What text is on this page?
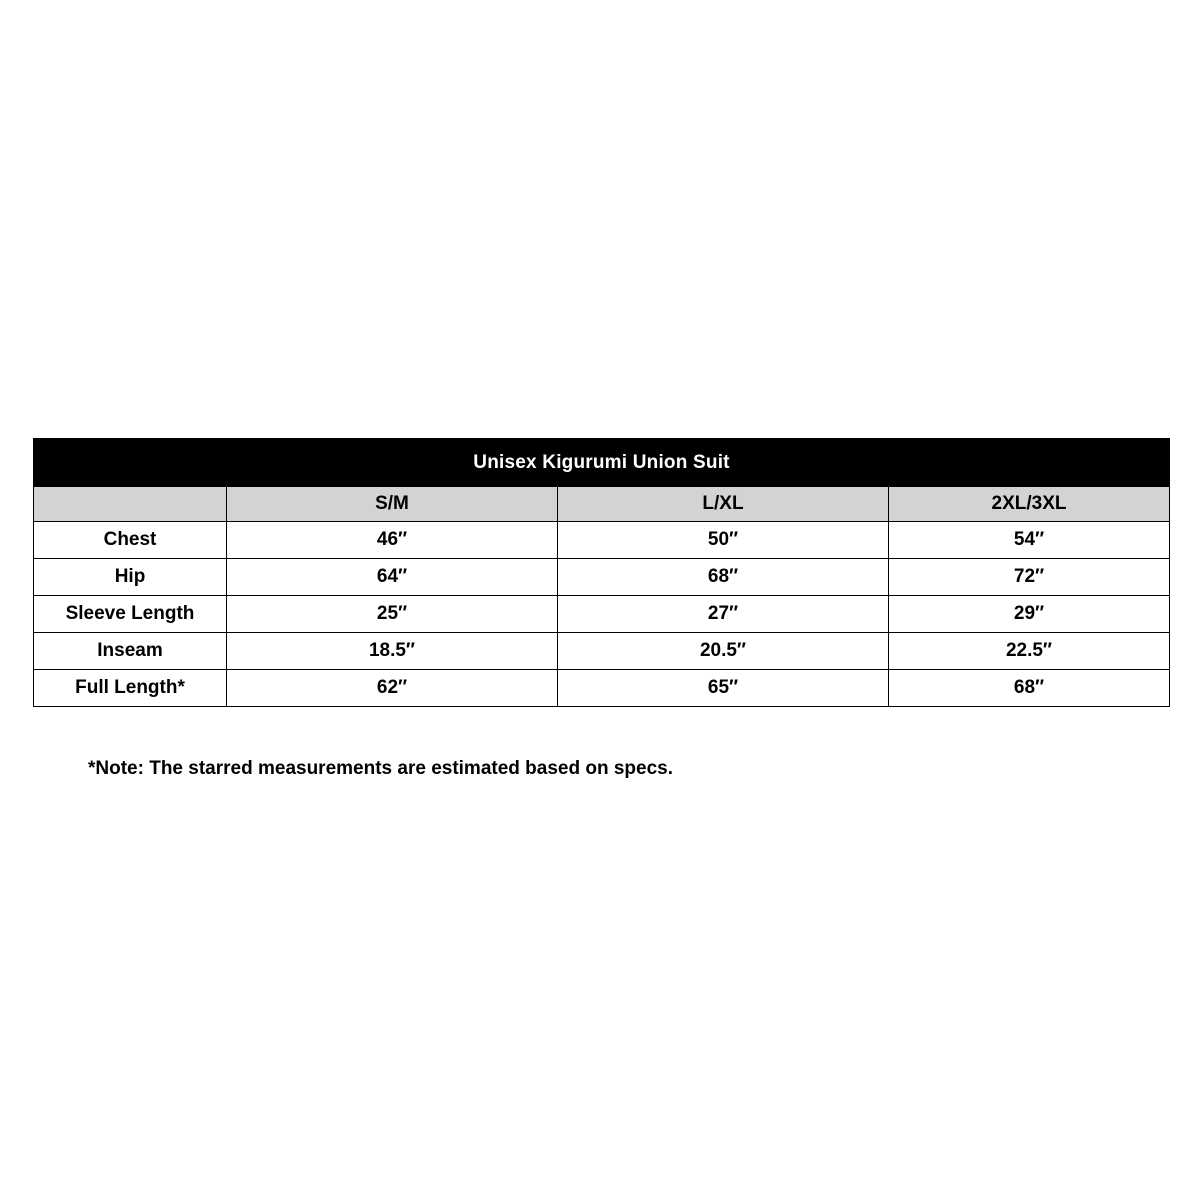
Unisex Kigurumi Union Suit			
	S/M	L/XL	2XL/3XL
Chest	46″	50″	54″
Hip	64″	68″	72″
Sleeve Length	25″	27″	29″
Inseam	18.5″	20.5″	22.5″
Full Length*	62″	65″	68″
*Note: The starred measurements are estimated based on specs.
